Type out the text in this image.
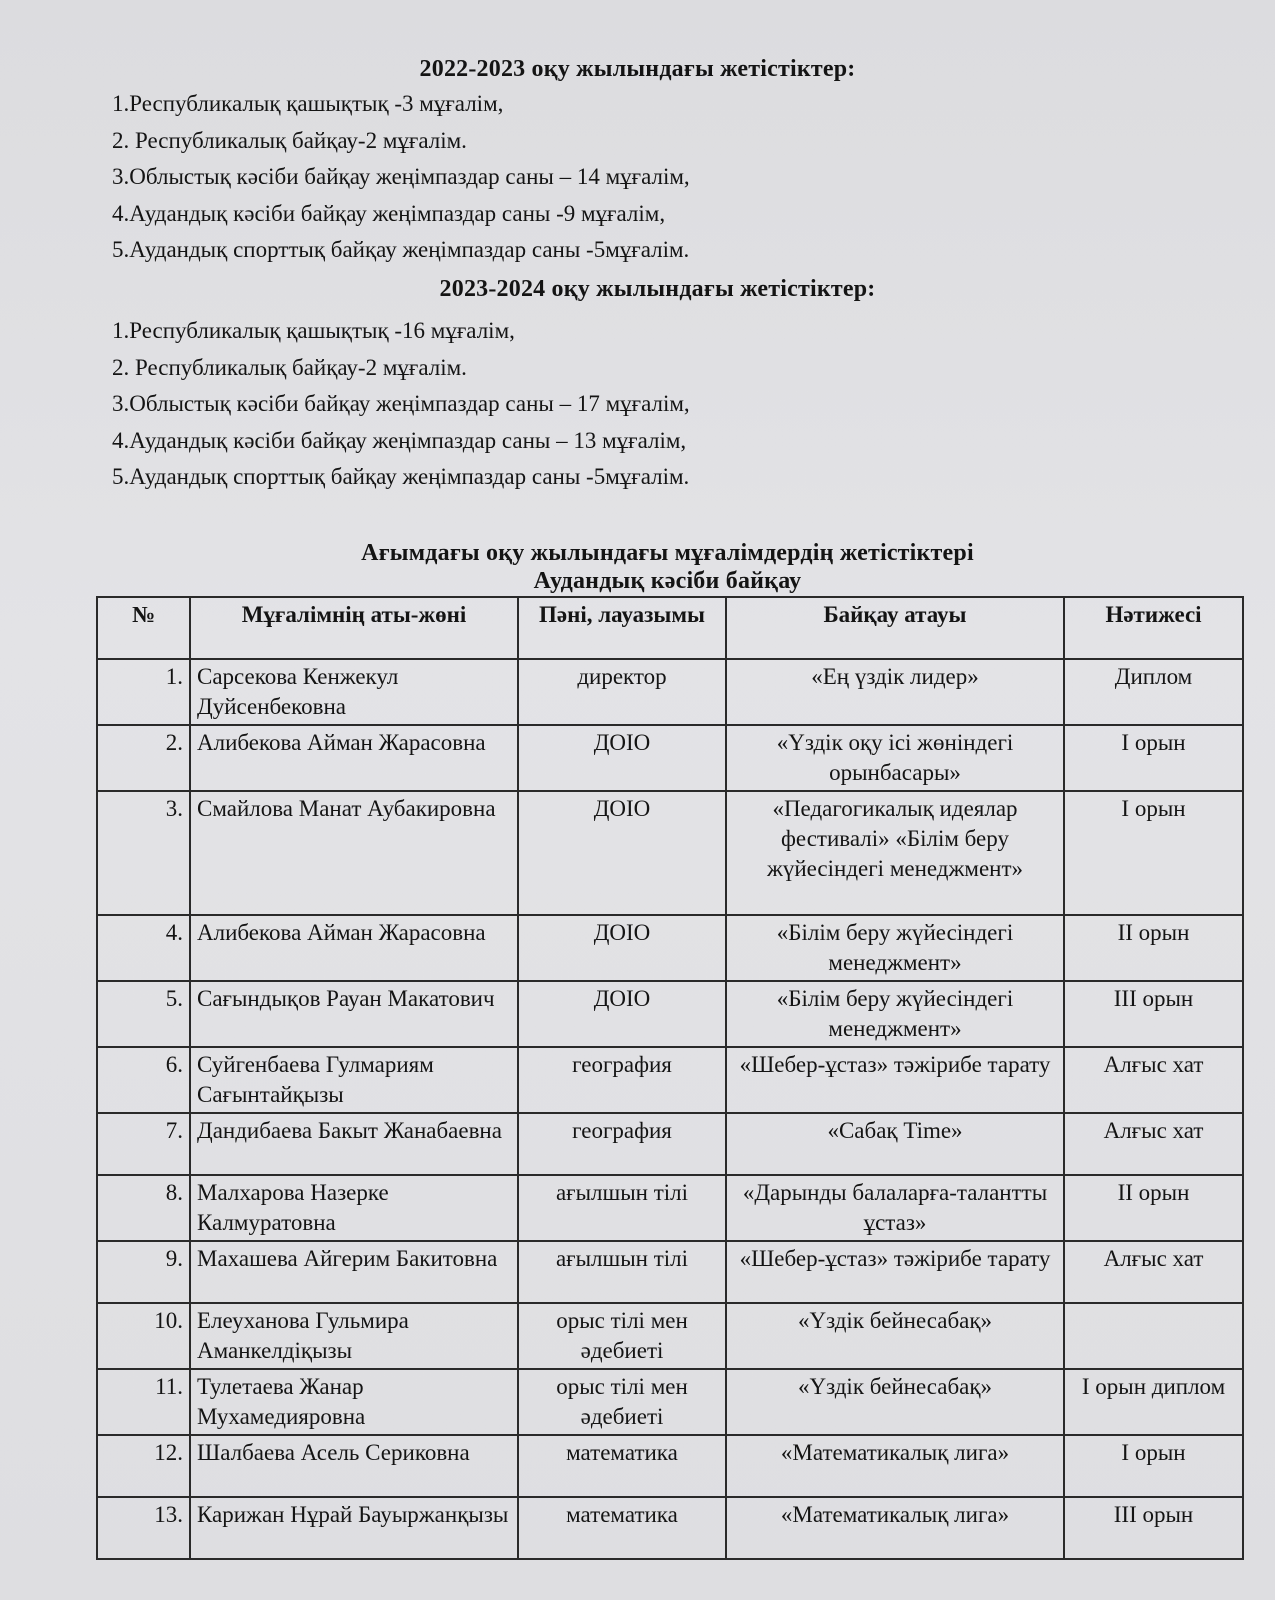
2022-2023 оқу жылындағы жетістіктер:
1.Республикалық қашықтық -3 мұғалім,
2. Республикалық байқау-2 мұғалім.
3.Облыстық кәсіби байқау жеңімпаздар саны – 14 мұғалім,
4.Аудандық кәсіби байқау жеңімпаздар саны -9 мұғалім,
5.Аудандық спорттық байқау жеңімпаздар саны -5мұғалім.
2023-2024 оқу жылындағы жетістіктер:
1.Республикалық қашықтық -16 мұғалім,
2. Республикалық байқау-2 мұғалім.
3.Облыстық кәсіби байқау жеңімпаздар саны – 17 мұғалім,
4.Аудандық кәсіби байқау жеңімпаздар саны – 13 мұғалім,
5.Аудандық спорттық байқау жеңімпаздар саны -5мұғалім.
Ағымдағы оқу жылындағы мұғалімдердің жетістіктері
Аудандық кәсіби байқау
№	Мұғалімнің аты-жөні	Пәні, лауазымы	Байқау атауы	Нәтижесі
1.	Сарсекова Кенжекул Дуйсенбековна	директор	«Ең үздік лидер»	Диплом
2.	Алибекова Айман Жарасовна	ДОІО	«Үздік оқу ісі жөніндегі орынбасары»	І орын
3.	Смайлова Манат Аубакировна	ДОІО	«Педагогикалық идеялар фестивалі» «Білім беру жүйесіндегі менеджмент»	І орын
4.	Алибекова Айман Жарасовна	ДОІО	«Білім беру жүйесіндегі менеджмент»	ІІ орын
5.	Сағындықов Рауан Макатович	ДОІО	«Білім беру жүйесіндегі менеджмент»	ІІІ орын
6.	Суйгенбаева Гулмариям Сағынтайқызы	география	«Шебер-ұстаз» тәжірибе тарату	Алғыс хат
7.	Дандибаева Бакыт Жанабаевна	география	«Сабақ Time»	Алғыс хат
8.	Малхарова Назерке Калмуратовна	ағылшын тілі	«Дарынды балаларға-талантты ұстаз»	ІІ орын
9.	Махашева Айгерим Бакитовна	ағылшын тілі	«Шебер-ұстаз» тәжірибе тарату	Алғыс хат
10.	Елеуханова Гульмира Аманкелдіқызы	орыс тілі мен әдебиеті	«Үздік бейнесабақ»	
11.	Тулетаева Жанар Мухамедияровна	орыс тілі мен әдебиеті	«Үздік бейнесабақ»	І орын диплом
12.	Шалбаева Асель Сериковна	математика	«Математикалық лига»	І орын
13.	Карижан Нұрай Бауыржанқызы	математика	«Математикалық лига»	ІІІ орын
